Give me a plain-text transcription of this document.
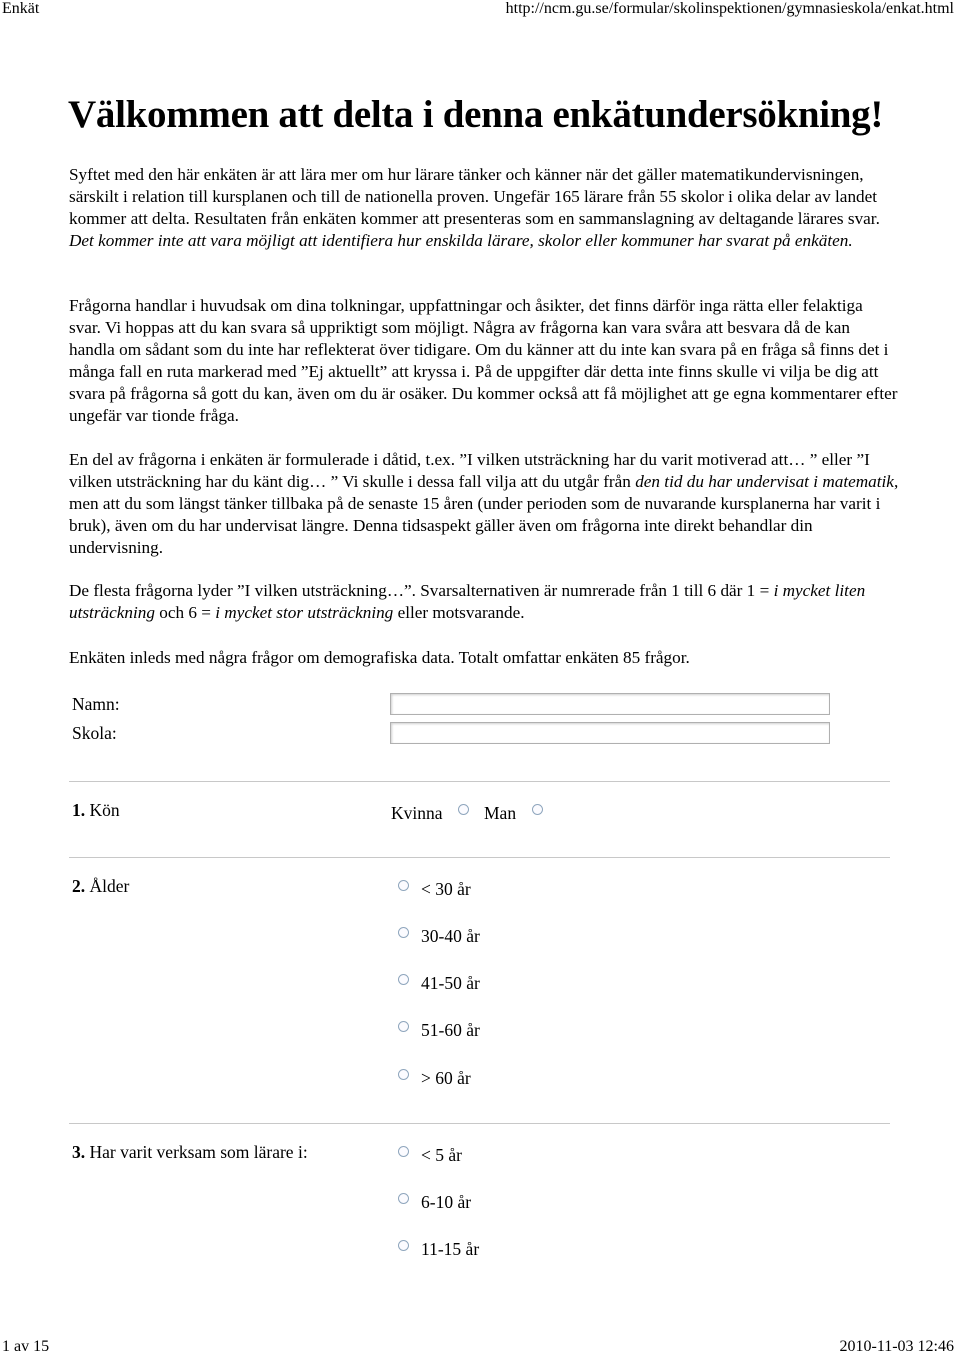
Enkät	http://ncm.gu.se/formular/skolinspektionen/gymnasieskola/enkat.html
Välkommen att delta i denna enkätundersökning!

Syftet med den här enkäten är att lära mer om hur lärare tänker och känner när det gäller matematikundervisningen, särskilt i relation till kursplanen och till de nationella proven. Ungefär 165 lärare från 55 skolor i olika delar av landet kommer att delta. Resultaten från enkäten kommer att presenteras som en sammanslagning av deltagande lärares svar. Det kommer inte att vara möjligt att identifiera hur enskilda lärare, skolor eller kommuner har svarat på enkäten.

Frågorna handlar i huvudsak om dina tolkningar, uppfattningar och åsikter, det finns därför inga rätta eller felaktiga svar. Vi hoppas att du kan svara så uppriktigt som möjligt. Några av frågorna kan vara svåra att besvara då de kan handla om sådant som du inte har reflekterat över tidigare. Om du känner att du inte kan svara på en fråga så finns det i många fall en ruta markerad med ”Ej aktuellt” att kryssa i. På de uppgifter där detta inte finns skulle vi vilja be dig att svara på frågorna så gott du kan, även om du är osäker. Du kommer också att få möjlighet att ge egna kommentarer efter ungefär var tionde fråga.

En del av frågorna i enkäten är formulerade i dåtid, t.ex. ”I vilken utsträckning har du varit motiverad att… ” eller ”I vilken utsträckning har du känt dig… ” Vi skulle i dessa fall vilja att du utgår från den tid du har undervisat i matematik, men att du som längst tänker tillbaka på de senaste 15 åren (under perioden som de nuvarande kursplanerna har varit i bruk), även om du har undervisat längre. Denna tidsaspekt gäller även om frågorna inte direkt behandlar din undervisning.

De flesta frågorna lyder ”I vilken utsträckning…”. Svarsalternativen är numrerade från 1 till 6 där 1 = i mycket liten utsträckning och 6 = i mycket stor utsträckning eller motsvarande.

Enkäten inleds med några frågor om demografiska data. Totalt omfattar enkäten 85 frågor.

Namn:
Skola:
1. Kön	Kvinna Man
2. Ålder	< 30 år
30-40 år
41-50 år
51-60 år
> 60 år
3. Har varit verksam som lärare i:	< 5 år
6-10 år
11-15 år
1 av 15	2010-11-03 12:46
